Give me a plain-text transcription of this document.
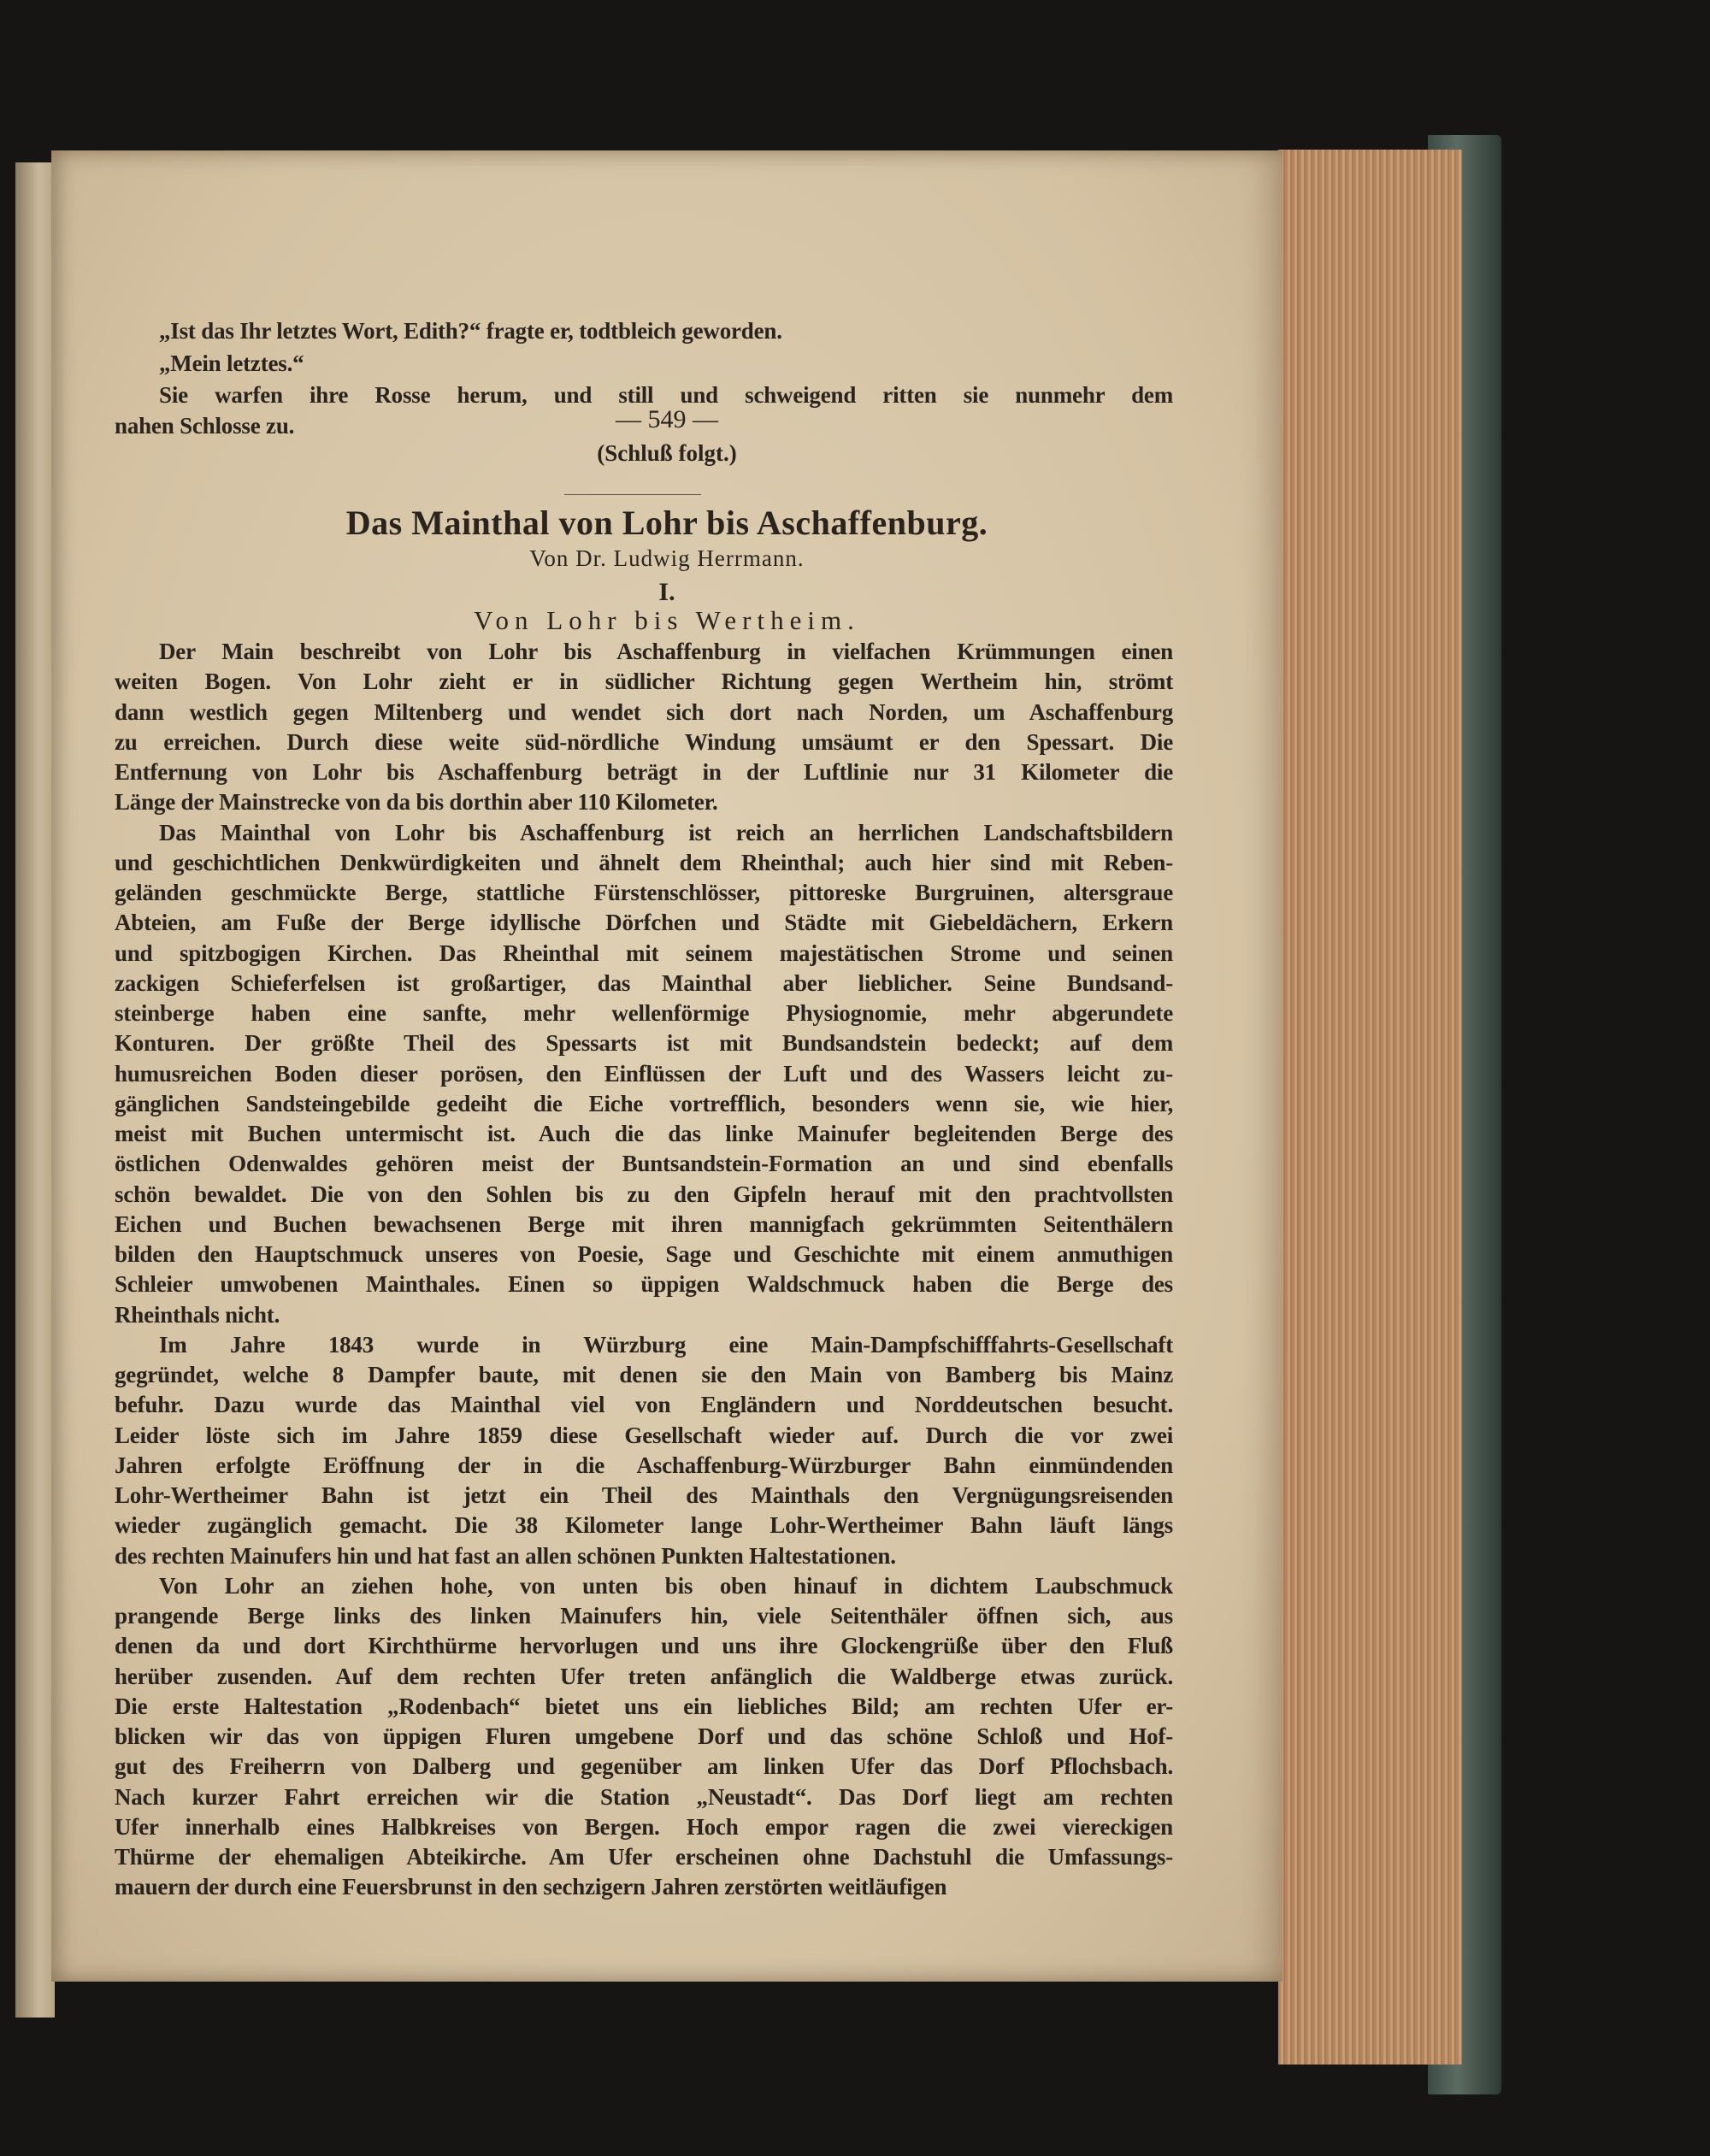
— 549 —
„Ist das Ihr letztes Wort, Edith?“ fragte er, todtbleich geworden.
„Mein letztes.“
Sie warfen ihre Rosse herum, und still und schweigend ritten sie nunmehr dem
nahen Schlosse zu.
(Schluß folgt.)
Das Mainthal von Lohr bis Aschaffenburg.
Von Dr. Ludwig Herrmann.
I.
Von Lohr bis Wertheim.
Der Main beschreibt von Lohr bis Aschaffenburg in vielfachen Krümmungen einen
weiten Bogen. Von Lohr zieht er in südlicher Richtung gegen Wertheim hin, strömt
dann westlich gegen Miltenberg und wendet sich dort nach Norden, um Aschaffenburg
zu erreichen. Durch diese weite süd-nördliche Windung umsäumt er den Spessart. Die
Entfernung von Lohr bis Aschaffenburg beträgt in der Luftlinie nur 31 Kilometer die
Länge der Mainstrecke von da bis dorthin aber 110 Kilometer.
Das Mainthal von Lohr bis Aschaffenburg ist reich an herrlichen Landschaftsbildern
und geschichtlichen Denkwürdigkeiten und ähnelt dem Rheinthal; auch hier sind mit Reben-
geländen geschmückte Berge, stattliche Fürstenschlösser, pittoreske Burgruinen, altersgraue
Abteien, am Fuße der Berge idyllische Dörfchen und Städte mit Giebeldächern, Erkern
und spitzbogigen Kirchen. Das Rheinthal mit seinem majestätischen Strome und seinen
zackigen Schieferfelsen ist großartiger, das Mainthal aber lieblicher. Seine Bundsand-
steinberge haben eine sanfte, mehr wellenförmige Physiognomie, mehr abgerundete
Konturen. Der größte Theil des Spessarts ist mit Bundsandstein bedeckt; auf dem
humusreichen Boden dieser porösen, den Einflüssen der Luft und des Wassers leicht zu-
gänglichen Sandsteingebilde gedeiht die Eiche vortrefflich, besonders wenn sie, wie hier,
meist mit Buchen untermischt ist. Auch die das linke Mainufer begleitenden Berge des
östlichen Odenwaldes gehören meist der Buntsandstein-Formation an und sind ebenfalls
schön bewaldet. Die von den Sohlen bis zu den Gipfeln herauf mit den prachtvollsten
Eichen und Buchen bewachsenen Berge mit ihren mannigfach gekrümmten Seitenthälern
bilden den Hauptschmuck unseres von Poesie, Sage und Geschichte mit einem anmuthigen
Schleier umwobenen Mainthales. Einen so üppigen Waldschmuck haben die Berge des
Rheinthals nicht.
Im Jahre 1843 wurde in Würzburg eine Main-Dampfschifffahrts-Gesellschaft
gegründet, welche 8 Dampfer baute, mit denen sie den Main von Bamberg bis Mainz
befuhr. Dazu wurde das Mainthal viel von Engländern und Norddeutschen besucht.
Leider löste sich im Jahre 1859 diese Gesellschaft wieder auf. Durch die vor zwei
Jahren erfolgte Eröffnung der in die Aschaffenburg-Würzburger Bahn einmündenden
Lohr-Wertheimer Bahn ist jetzt ein Theil des Mainthals den Vergnügungsreisenden
wieder zugänglich gemacht. Die 38 Kilometer lange Lohr-Wertheimer Bahn läuft längs
des rechten Mainufers hin und hat fast an allen schönen Punkten Haltestationen.
Von Lohr an ziehen hohe, von unten bis oben hinauf in dichtem Laubschmuck
prangende Berge links des linken Mainufers hin, viele Seitenthäler öffnen sich, aus
denen da und dort Kirchthürme hervorlugen und uns ihre Glockengrüße über den Fluß
herüber zusenden. Auf dem rechten Ufer treten anfänglich die Waldberge etwas zurück.
Die erste Haltestation „Rodenbach“ bietet uns ein liebliches Bild; am rechten Ufer er-
blicken wir das von üppigen Fluren umgebene Dorf und das schöne Schloß und Hof-
gut des Freiherrn von Dalberg und gegenüber am linken Ufer das Dorf Pflochsbach.
Nach kurzer Fahrt erreichen wir die Station „Neustadt“. Das Dorf liegt am rechten
Ufer innerhalb eines Halbkreises von Bergen. Hoch empor ragen die zwei viereckigen
Thürme der ehemaligen Abteikirche. Am Ufer erscheinen ohne Dachstuhl die Umfassungs-
mauern der durch eine Feuersbrunst in den sechzigern Jahren zerstörten weitläufigen
